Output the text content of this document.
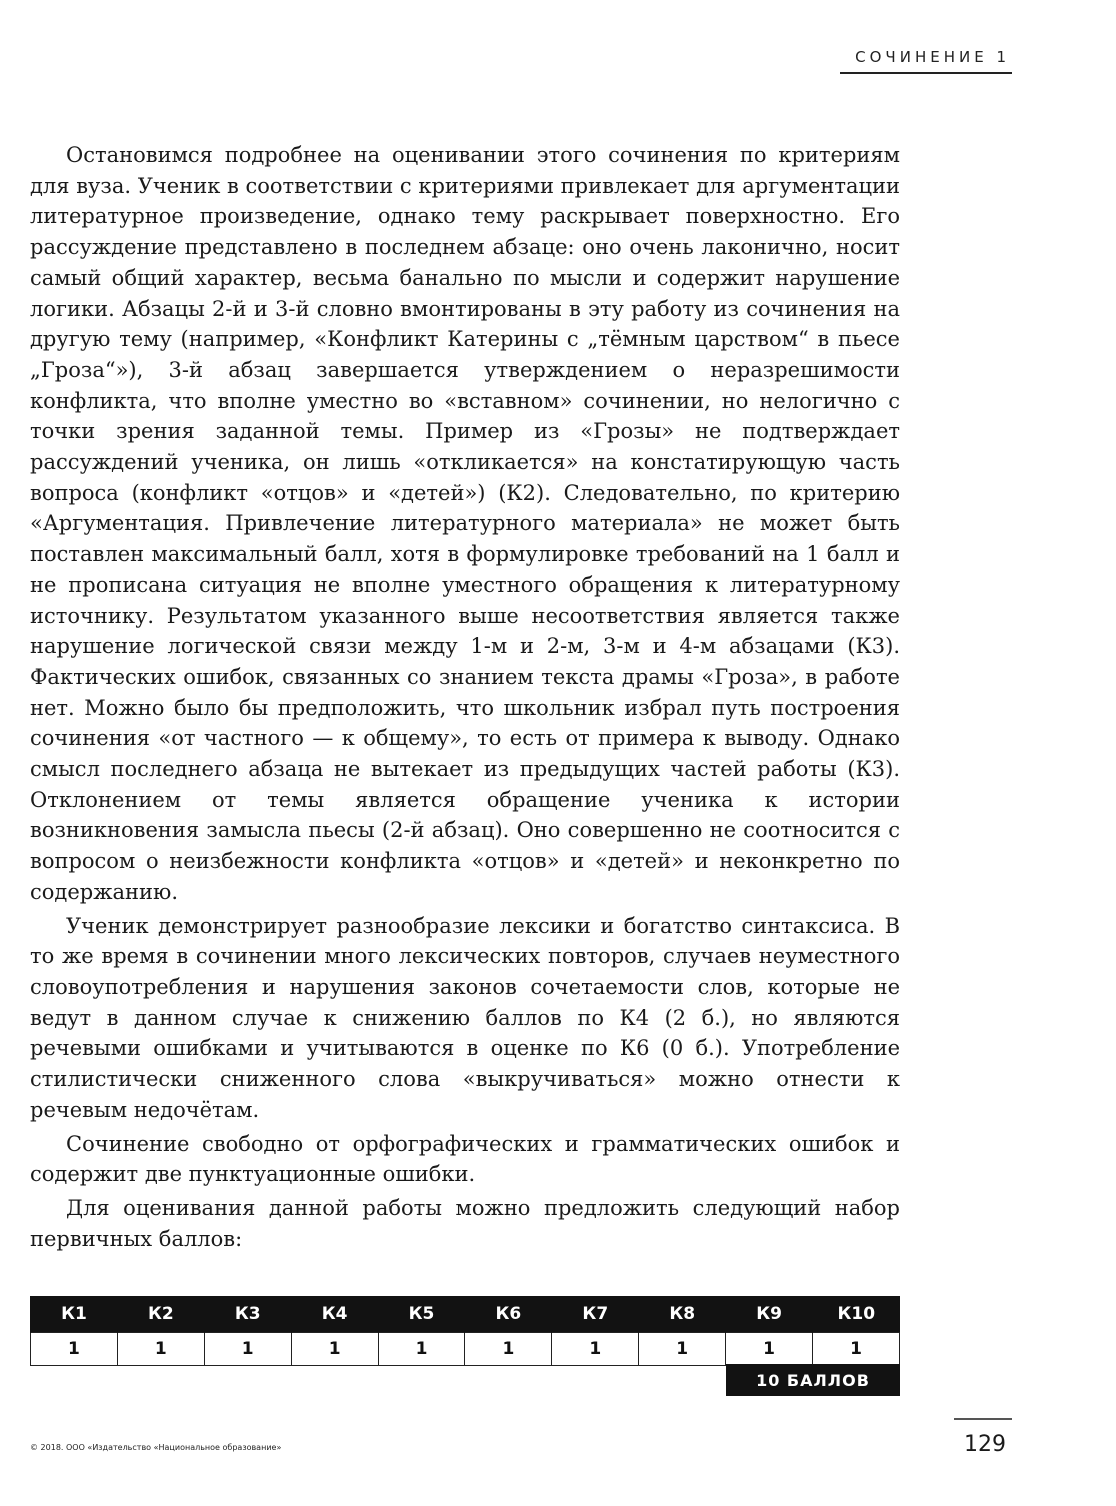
СОЧИНЕНИЕ 1

Остановимся подробнее на оценивании этого сочинения по критериям для вуза. Ученик в соответствии с критериями привлекает для аргументации литературное произведение, однако тему раскрывает поверхностно. Его рассуждение представлено в последнем абзаце: оно очень лаконично, носит самый общий характер, весьма банально по мысли и содержит нарушение логики. Абзацы 2-й и 3-й словно вмонтированы в эту работу из сочинения на другую тему (например, «Конфликт Катерины с „тёмным царством“ в пьесе „Гроза“»), 3-й абзац завершается утверждением о неразрешимости конфликта, что вполне уместно во «вставном» сочинении, но нелогично с точки зрения заданной темы. Пример из «Грозы» не подтверждает рассуждений ученика, он лишь «откликается» на констатирующую часть вопроса (конфликт «отцов» и «детей») (К2). Следовательно, по критерию «Аргументация. Привлечение литературного материала» не может быть поставлен максимальный балл, хотя в формулировке требований на 1 балл и не прописана ситуация не вполне уместного обращения к литературному источнику. Результатом указанного выше несоответствия является также нарушение логической связи между 1-м и 2-м, 3-м и 4-м абзацами (К3). Фактических ошибок, связанных со знанием текста драмы «Гроза», в работе нет. Можно было бы предположить, что школьник избрал путь построения сочинения «от частного — к общему», то есть от примера к выводу. Однако смысл последнего абзаца не вытекает из предыдущих частей работы (К3). Отклонением от темы является обращение ученика к истории возникновения замысла пьесы (2-й абзац). Оно совершенно не соотносится с вопросом о неизбежности конфликта «отцов» и «детей» и неконкретно по содержанию.

Ученик демонстрирует разнообразие лексики и богатство синтаксиса. В то же время в сочинении много лексических повторов, случаев неуместного словоупотребления и нарушения законов сочетаемости слов, которые не ведут в данном случае к снижению баллов по К4 (2 б.), но являются речевыми ошибками и учитываются в оценке по К6 (0 б.). Употребление стилистически сниженного слова «выкручиваться» можно отнести к речевым недочётам.

Сочинение свободно от орфографических и грамматических ошибок и содержит две пунктуационные ошибки.

Для оценивания данной работы можно предложить следующий набор первичных баллов:

К1	К2	К3	К4	К5	К6	К7	К8	К9	К10
1	1	1	1	1	1	1	1	1	1
10 БАЛЛОВ
© 2018. ООО «Издательство «Национальное образование»	129
